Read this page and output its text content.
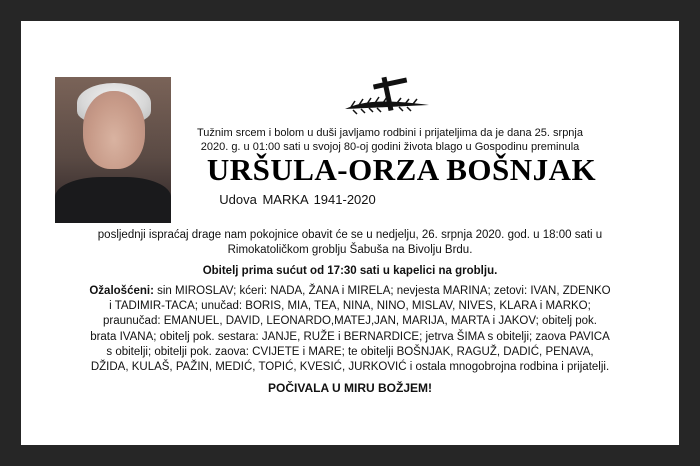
Tužnim srcem i bolom u duši javljamo rodbini i prijateljima da je dana 25. srpnja
2020. g. u 01:00 sati u svojoj 80-oj godini života blago u Gospodinu preminula
URŠULA-ORZA BOŠNJAK
Udova MARKA 1941-2020
posljednji ispraćaj drage nam pokojnice obavit će se u nedjelju, 26. srpnja 2020. god. u 18:00 sati u
Rimokatoličkom groblju Šabuša na Bivolju Brdu.
Obitelj prima sućut od 17:30 sati u kapelici na groblju.
Ožalošćeni: sin MIROSLAV; kćeri: NADA, ŽANA i MIRELA; nevjesta MARINA; zetovi: IVAN, ZDENKO
i TADIMIR-TACA; unučad: BORIS, MIA, TEA, NINA, NINO, MISLAV, NIVES, KLARA i MARKO;
praunučad: EMANUEL, DAVID, LEONARDO,MATEJ,JAN, MARIJA, MARTA i JAKOV; obitelj pok.
brata IVANA; obitelj pok. sestara: JANJE, RUŽE i BERNARDICE; jetrva ŠIMA s obitelji; zaova PAVICA
s obitelji; obitelji pok. zaova: CVIJETE i MARE; te obitelji BOŠNJAK, RAGUŽ, DADIĆ, PENAVA,
DŽIDA, KULAŠ, PAŽIN, MEDIĆ, TOPIĆ, KVESIĆ, JURKOVIĆ i ostala mnogobrojna rodbina i prijatelji.
POČIVALA U MIRU BOŽJEM!
